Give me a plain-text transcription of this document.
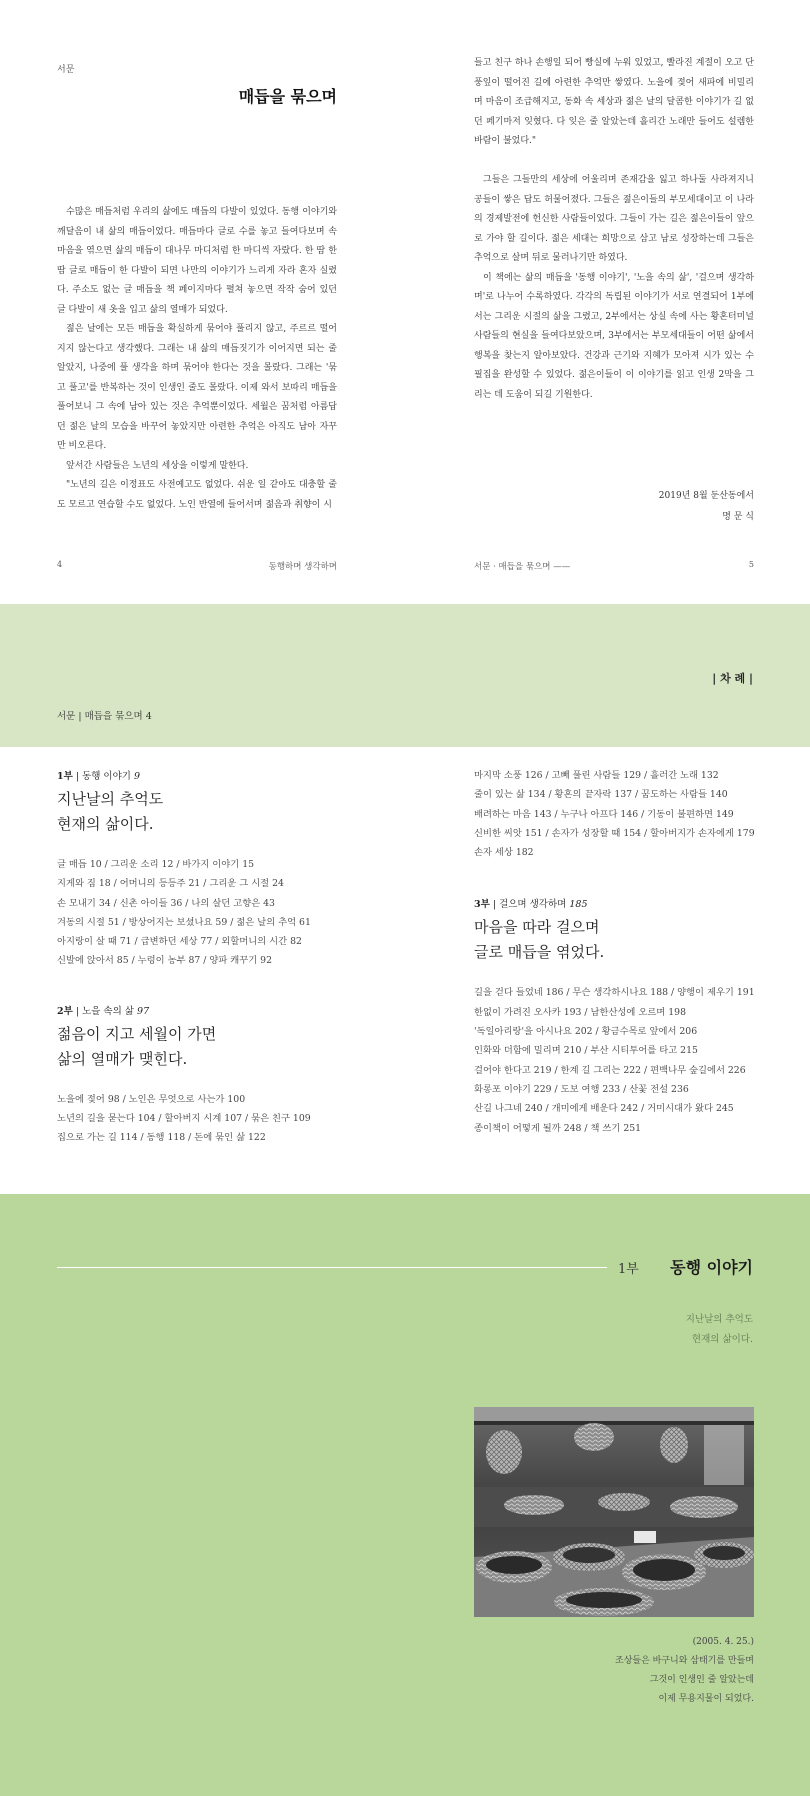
서문
매듭을 묶으며

수많은 매듭처럼 우리의 삶에도 매듭의 다발이 있었다. 동행 이야기와 깨달음이 내 삶의 매듭이었다. 매듭마다 글로 수를 놓고 들여다보며 속마음을 엮으면 삶의 매듭이 대나무 마디처럼 한 마디씩 자랐다. 한 땀 한 땀 글로 매듭이 한 다발이 되면 나만의 이야기가 느리게 자라 혼자 실렸다. 주소도 없는 글 매듭을 책 페이지마다 펼쳐 놓으면 작작 숨어 있던 글 다발이 새 옷을 입고 삶의 열매가 되었다.

젊은 날에는 모든 매듭을 확실하게 묶어야 풀리지 않고, 주르르 떨어지지 않는다고 생각했다. 그래는 내 삶의 매듭짓기가 이어지면 되는 줄 알았지, 나중에 풀 생각을 하며 묶어야 한다는 것을 몰랐다. 그래는 '묶고 풀고'를 반복하는 것이 인생인 줄도 몰랐다. 이제 와서 보따리 매듭을 풀어보니 그 속에 남아 있는 것은 추억뿐이었다. 세월은 꿈처럼 아름답던 젊은 날의 모습을 바꾸어 놓았지만 아련한 추억은 아직도 남아 자꾸만 비오른다.

앞서간 사람들은 노년의 세상을 이렇게 말한다.

"노년의 길은 이정표도 사전예고도 없었다. 쉬운 일 같아도 대충할 줄도 모르고 연습할 수도 없었다. 노인 반열에 들어서며 젊음과 취향이 시

들고 친구 하나 손행일 되어 빵실에 누워 있었고, 빨라진 계절이 오고 단풍잎이 떨어진 길에 아련한 추억만 쌓였다. 노을에 젖어 새파에 비밀리며 마음이 조급해지고, 동화 속 세상과 젊은 날의 달콤한 이야기가 길 없던 페기마저 잊혔다. 다 잊은 줄 알았는데 흘리간 노래만 들어도 설렘한 바람이 불었다."

그들은 그들만의 세상에 어울리며 존재감을 잃고 하나둘 사라져지니 공들이 쌓은 답도 허물어졌다. 그들은 젊은이들의 부모세대이고 이 나라의 경제발전에 헌신한 사람들이었다. 그들이 가는 길은 젊은이들이 앞으로 가야 할 길이다. 젊은 세대는 희망으로 삼고 남로 성장하는데 그들은 추억으로 살며 뒤로 물러나기만 하였다.

이 책에는 삶의 매듭을 '동행 이야기', '노을 속의 삶', '걸으며 생각하며'로 나누어 수록하였다. 각각의 독립된 이야기가 서로 연결되어 1부에서는 그리운 시절의 삶을 그렸고, 2부에서는 상실 속에 사는 황혼터미널 사람들의 현실을 들여다보았으며, 3부에서는 부모세대들이 어떤 삶에서 행복을 찾는지 알아보았다. 건강과 근기와 지혜가 모아져 시가 있는 수필집을 완성할 수 있었다. 젊은이들이 이 이야기를 읽고 인생 2막을 그리는 데 도움이 되길 기원한다.

2019년 8월 둔산동에서
명 문 식
4	동행하며 생각하며	서문 · 매듭을 묶으며 ——	5
| 차 례 |
서문 | 매듭을 묶으며 4
1부 | 동행 이야기 9
지난날의 추억도
현재의 삶이다.
글 매듭 10 / 그리운 소리 12 / 바가지 이야기 15
지게와 짐 18 / 어머니의 등등주 21 / 그리운 그 시절 24
손 모내기 34 / 신촌 아이들 36 / 나의 살던 고향은 43
겨동의 시절 51 / 방상어지는 보셨나요 59 / 젊은 날의 추억 61
아지랑이 살 때 71 / 급변하던 세상 77 / 외할머니의 시간 82
신발에 앉아서 85 / 누렁이 농부 87 / 양파 캐꾸기 92
2부 | 노을 속의 삶 97
젊음이 지고 세월이 가면
삶의 열매가 맺힌다.
노을에 젖어 98 / 노인은 무엇으로 사는가 100
노년의 길을 묻는다 104 / 할아버지 시계 107 / 묶은 친구 109
집으로 가는 길 114 / 동행 118 / 돈에 묶인 삶 122
마지막 소풍 126 / 고빼 풀린 사람들 129 / 흘러간 노래 132
줄이 있는 삶 134 / 황혼의 끝자락 137 / 꿈도하는 사람들 140
배려하는 마음 143 / 누구나 아프다 146 / 기동이 불편하면 149
신비한 씨앗 151 / 손자가 성장할 때 154 / 할아버지가 손자에게 179
손자 세상 182
3부 | 걸으며 생각하며 185
마음을 따라 걸으며
글로 매듭을 엮었다.
길을 걷다 들었네 186 / 무슨 생각하시나요 188 / 양행이 제우기 191
한없이 가려진 오사카 193 / 남한산성에 오르며 198
'독일아리랑'을 아시나요 202 / 황금수목로 앞에서 206
인화와 더함에 밀리며 210 / 부산 시티투어를 타고 215
걸어야 한다고 219 / 한계 길 그리는 222 / 편백나무 숲길에서 226
화롱포 이야기 229 / 도보 여행 233 / 산꽃 전설 236
산길 나그네 240 / 개미에게 배운다 242 / 거미시대가 왔다 245
종이책이 어떻게 될까 248 / 책 쓰기 251
1부 동행 이야기
지난날의 추억도
현재의 삶이다.
(2005. 4. 25.)
조상들은 바구니와 삼태기를 만들며
그것이 인생인 줄 알았는데
이제 무용지물이 되었다.
